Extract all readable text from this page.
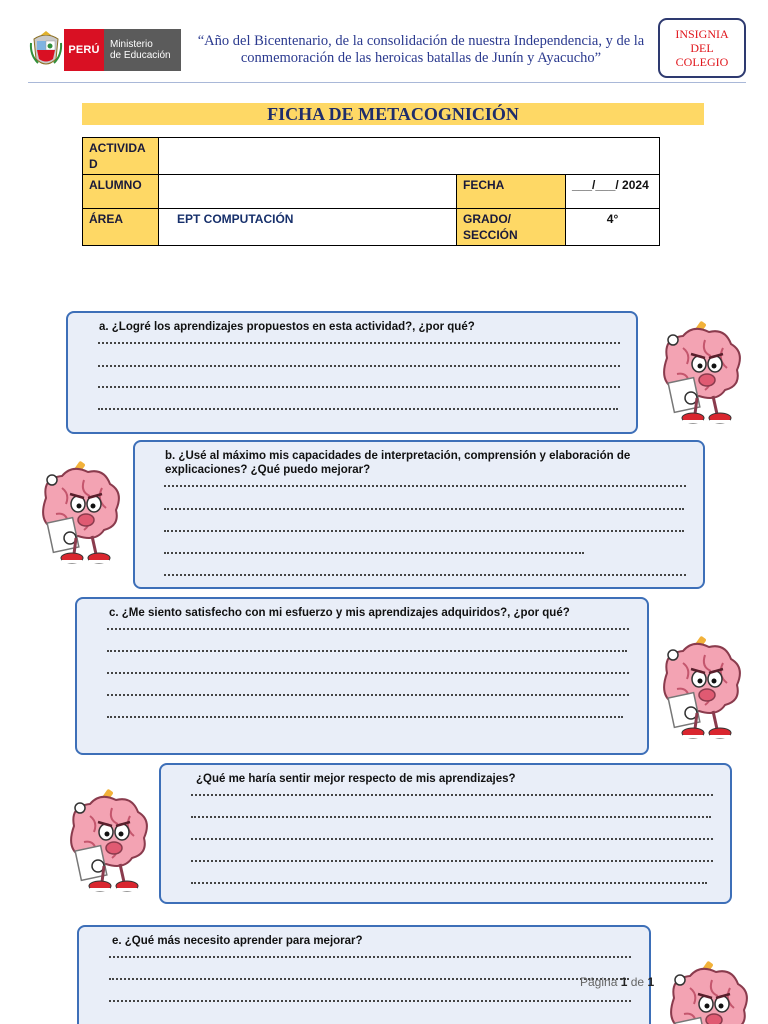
PERÚ	Ministerio
de Educación
“Año del Bicentenario, de la consolidación de nuestra Independencia, y de la conmemoración de las heroicas batallas de Junín y Ayacucho”
INSIGNIA
DEL
COLEGIO
FICHA DE METACOGNICIÓN
ACTIVIDA D			
ALUMNO		FECHA	___/___/ 2024
ÁREA	EPT COMPUTACIÓN	GRADO/ SECCIÓN	4°
a. ¿Logré los aprendizajes propuestos en esta actividad?, ¿por qué?
b. ¿Usé al máximo mis capacidades de interpretación, comprensión y elaboración de explicaciones? ¿Qué puedo mejorar?
c. ¿Me siento satisfecho con mi esfuerzo y mis aprendizajes adquiridos?, ¿por qué?
¿Qué me haría sentir mejor respecto de mis aprendizajes?
e. ¿Qué más necesito aprender para mejorar?
Página 1 de 1
